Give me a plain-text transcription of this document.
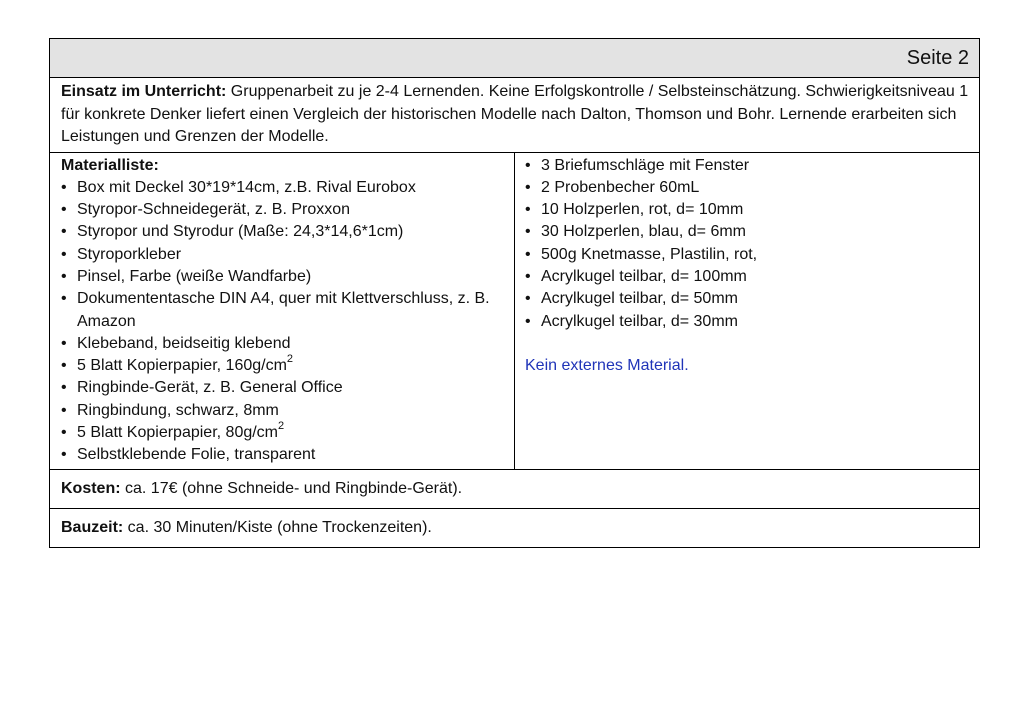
Seite 2
Einsatz im Unterricht: Gruppenarbeit zu je 2-4 Lernenden. Keine Erfolgskontrolle / Selbsteinschätzung. Schwierigkeitsniveau 1 für konkrete Denker liefert einen Vergleich der historischen Modelle nach Dalton, Thomson und Bohr. Lernende erarbeiten sich Leistungen und Grenzen der Modelle.
Materialliste:
• Box mit Deckel 30*19*14cm, z.B. Rival Eurobox
• Styropor-Schneidegerät, z. B. Proxxon
• Styropor und Styrodur (Maße: 24,3*14,6*1cm)
• Styroporkleber
• Pinsel, Farbe (weiße Wandfarbe)
• Dokumententasche DIN A4, quer mit Klettverschluss, z. B. Amazon
• Klebeband, beidseitig klebend
• 5 Blatt Kopierpapier, $160g/cm^2$
• Ringbinde-Gerät, z. B. General Office
• Ringbindung, schwarz, 8mm
• 5 Blatt Kopierpapier, $80g/cm^2$
• Selbstklebende Folie, transparent
• 3 Briefumschläge mit Fenster
• 2 Probenbecher 60mL
• 10 Holzperlen, rot, d= 10mm
• 30 Holzperlen, blau, d= 6mm
• 500g Knetmasse, Plastilin, rot,
• Acrylkugel teilbar, d= 100mm
• Acrylkugel teilbar, d= 50mm
• Acrylkugel teilbar, d= 30mm
Kein externes Material.
Kosten: ca. 17€ (ohne Schneide- und Ringbinde-Gerät).
Bauzeit: ca. 30 Minuten/Kiste (ohne Trockenzeiten).
